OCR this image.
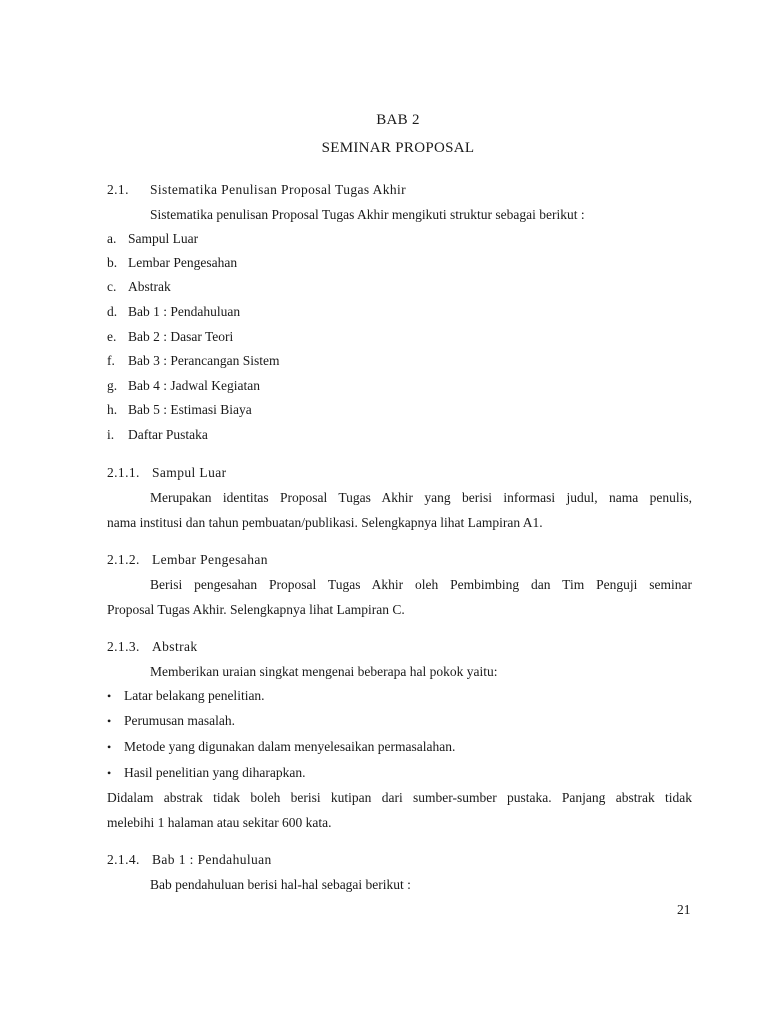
BAB 2
SEMINAR PROPOSAL
2.1. Sistematika Penulisan Proposal Tugas Akhir
Sistematika penulisan Proposal Tugas Akhir mengikuti struktur sebagai berikut :
a. Sampul Luar
b. Lembar Pengesahan
c. Abstrak
d. Bab 1 : Pendahuluan
e. Bab 2 : Dasar Teori
f. Bab 3 : Perancangan Sistem
g. Bab 4 : Jadwal Kegiatan
h. Bab 5 : Estimasi Biaya
i. Daftar Pustaka
2.1.1. Sampul Luar
Merupakan identitas Proposal Tugas Akhir yang berisi informasi judul, nama penulis,
nama institusi dan tahun pembuatan/publikasi. Selengkapnya lihat Lampiran A1.
2.1.2. Lembar Pengesahan
Berisi pengesahan Proposal Tugas Akhir oleh Pembimbing dan Tim Penguji seminar
Proposal Tugas Akhir. Selengkapnya lihat Lampiran C.
2.1.3. Abstrak
Memberikan uraian singkat mengenai beberapa hal pokok yaitu:
• Latar belakang penelitian.
• Perumusan masalah.
• Metode yang digunakan dalam menyelesaikan permasalahan.
• Hasil penelitian yang diharapkan.
Didalam abstrak tidak boleh berisi kutipan dari sumber-sumber pustaka. Panjang abstrak tidak
melebihi 1 halaman atau sekitar 600 kata.
2.1.4. Bab 1 : Pendahuluan
Bab pendahuluan berisi hal-hal sebagai berikut :
21
